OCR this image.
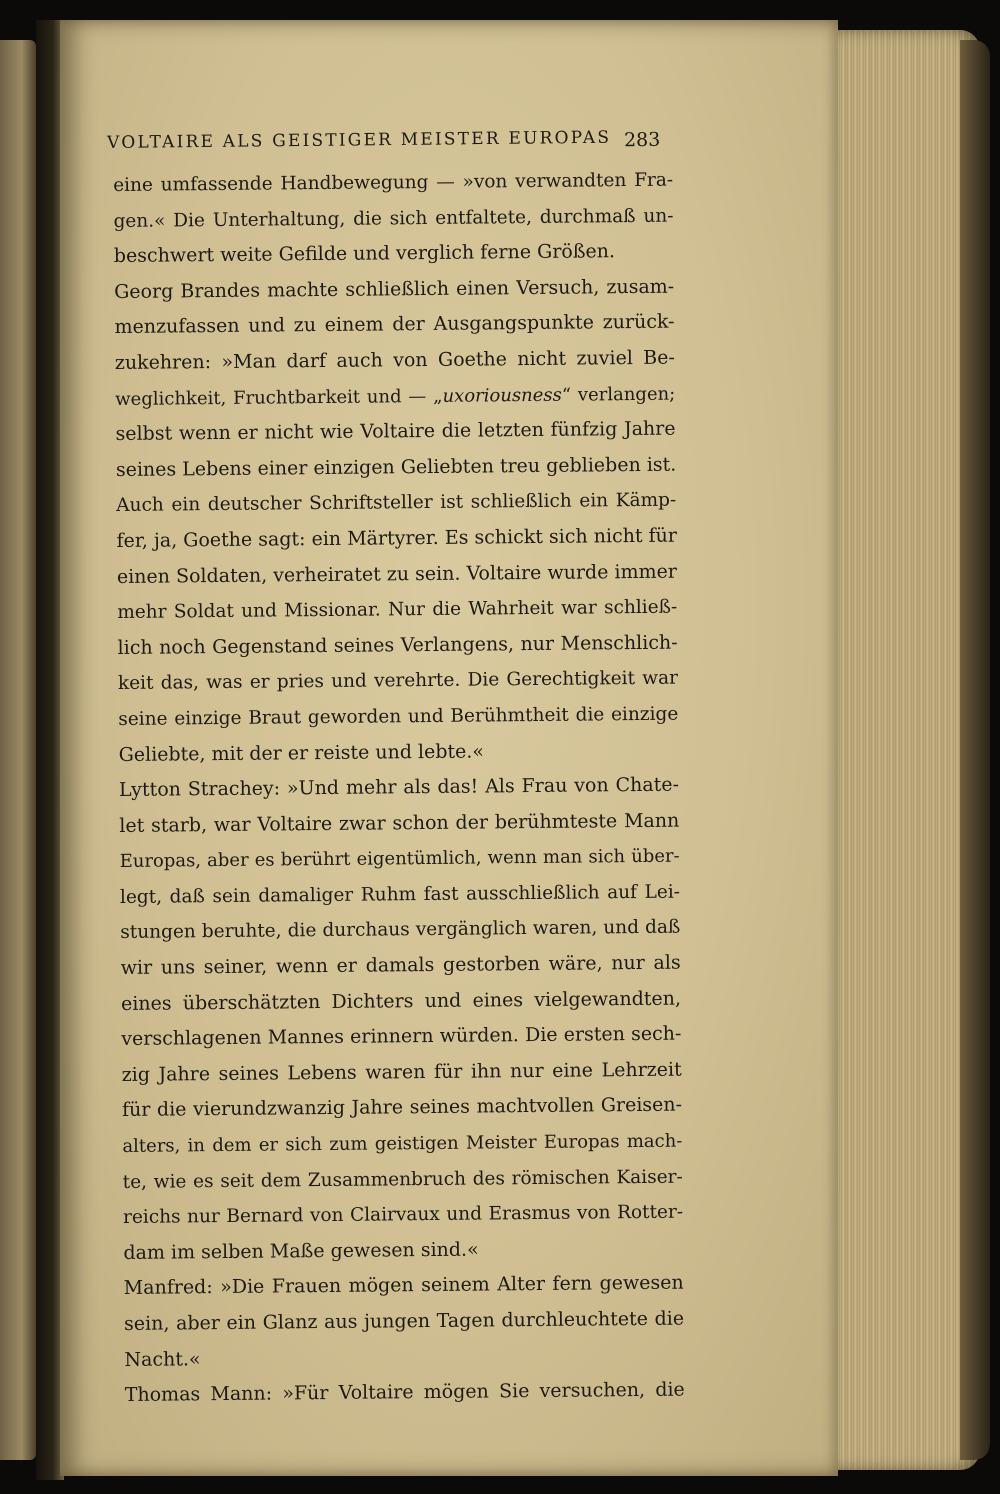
VOLTAIRE ALS GEISTIGER MEISTER EUROPAS 283
eine umfassende Handbewegung — »von verwandten Fra-
gen.« Die Unterhaltung, die sich entfaltete, durchmaß un-
beschwert weite Gefilde und verglich ferne Größen.
Georg Brandes machte schließlich einen Versuch, zusam-
menzufassen und zu einem der Ausgangspunkte zurück-
zukehren: »Man darf auch von Goethe nicht zuviel Be-
weglichkeit, Fruchtbarkeit und — „uxoriousness“ verlangen;
selbst wenn er nicht wie Voltaire die letzten fünfzig Jahre
seines Lebens einer einzigen Geliebten treu geblieben ist.
Auch ein deutscher Schriftsteller ist schließlich ein Kämp-
fer, ja, Goethe sagt: ein Märtyrer. Es schickt sich nicht für
einen Soldaten, verheiratet zu sein. Voltaire wurde immer
mehr Soldat und Missionar. Nur die Wahrheit war schließ-
lich noch Gegenstand seines Verlangens, nur Menschlich-
keit das, was er pries und verehrte. Die Gerechtigkeit war
seine einzige Braut geworden und Berühmtheit die einzige
Geliebte, mit der er reiste und lebte.«
Lytton Strachey: »Und mehr als das! Als Frau von Chate-
let starb, war Voltaire zwar schon der berühmteste Mann
Europas, aber es berührt eigentümlich, wenn man sich über-
legt, daß sein damaliger Ruhm fast ausschließlich auf Lei-
stungen beruhte, die durchaus vergänglich waren, und daß
wir uns seiner, wenn er damals gestorben wäre, nur als
eines überschätzten Dichters und eines vielgewandten,
verschlagenen Mannes erinnern würden. Die ersten sech-
zig Jahre seines Lebens waren für ihn nur eine Lehrzeit
für die vierundzwanzig Jahre seines machtvollen Greisen-
alters, in dem er sich zum geistigen Meister Europas mach-
te, wie es seit dem Zusammenbruch des römischen Kaiser-
reichs nur Bernard von Clairvaux und Erasmus von Rotter-
dam im selben Maße gewesen sind.«
Manfred: »Die Frauen mögen seinem Alter fern gewesen
sein, aber ein Glanz aus jungen Tagen durchleuchtete die
Nacht.«
Thomas Mann: »Für Voltaire mögen Sie versuchen, die
